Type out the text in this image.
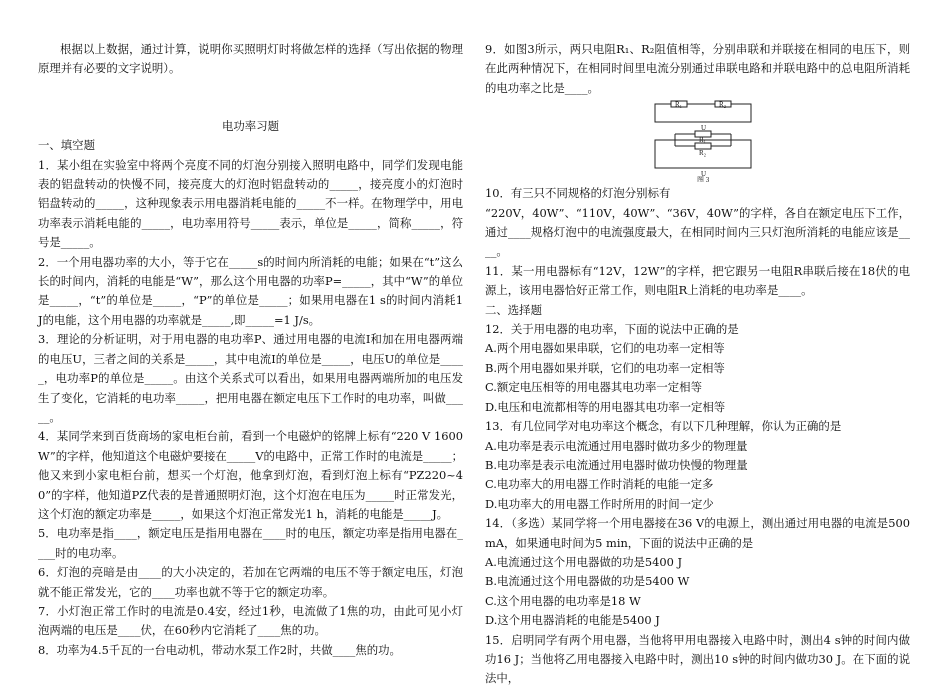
根据以上数据，通过计算，说明你买照明灯时将做怎样的选择（写出依据的物理原理并有必要的文字说明）。

电功率习题

一、填空题

1．某小组在实验室中将两个亮度不同的灯泡分别接入照明电路中，同学们发现电能表的铝盘转动的快慢不同，接亮度大的灯泡时铝盘转动的_____，接亮度小的灯泡时铝盘转动的_____，这种现象表示用电器消耗电能的_____不一样。在物理学中，用电功率表示消耗电能的_____，电功率用符号_____表示，单位是_____，简称_____，符号是_____。

2．一个用电器功率的大小，等于它在_____s的时间内所消耗的电能；如果在“t”这么长的时间内，消耗的电能是“W”，那么这个用电器的功率P=_____，其中“W”的单位是_____，“t”的单位是_____，“P”的单位是_____；如果用电器在1 s的时间内消耗1 J的电能，这个用电器的功率就是_____,即_____=1 J/s。

3．理论的分析证明，对于用电器的电功率P、通过用电器的电流I和加在用电器两端的电压U，三者之间的关系是_____，其中电流I的单位是_____，电压U的单位是_____，电功率P的单位是_____。由这个关系式可以看出，如果用电器两端所加的电压发生了变化，它消耗的电功率_____，把用电器在额定电压下工作时的电功率，叫做_____。

4．某同学来到百货商场的家电柜台前，看到一个电磁炉的铭牌上标有“220 V 1600 W”的字样，他知道这个电磁炉要接在_____V的电路中，正常工作时的电流是_____；他又来到小家电柜台前，想买一个灯泡，他拿到灯泡，看到灯泡上标有“PZ220~40”的字样，他知道PZ代表的是普通照明灯泡，这个灯泡在电压为_____时正常发光，这个灯泡的额定功率是_____，如果这个灯泡正常发光1 h，消耗的电能是_____J。

5．电功率是指____，额定电压是指用电器在____时的电压，额定功率是指用电器在____时的电功率。

6．灯泡的亮暗是由____的大小决定的，若加在它两端的电压不等于额定电压，灯泡就不能正常发光，它的____功率也就不等于它的额定功率。

7．小灯泡正常工作时的电流是0.4安，经过1秒，电流做了1焦的功，由此可见小灯泡两端的电压是____伏，在60秒内它消耗了____焦的功。

8．功率为4.5千瓦的一台电动机，带动水泵工作2时，共做____焦的功。

9．如图3所示，两只电阻R₁、R₂阻值相等，分别串联和并联接在相同的电压下，则在此两种情况下，在相同时间里电流分别通过串联电路和并联电路中的总电阻所消耗的电功率之比是____。

R₁	R₂
U
R₁
R₂
U
图 3

10．有三只不同规格的灯泡分别标有

“220V，40W”、“110V，40W”、“36V，40W”的字样，各自在额定电压下工作，通过____规格灯泡中的电流强度最大，在相同时间内三只灯泡所消耗的电能应该是____。

11．某一用电器标有“12V，12W”的字样，把它跟另一电阻R串联后接在18伏的电源上，该用电器恰好正常工作，则电阻R上消耗的电功率是____。

二、选择题

12．关于用电器的电功率，下面的说法中正确的是

A.两个用电器如果串联，它们的电功率一定相等

B.两个用电器如果并联，它们的电功率一定相等

C.额定电压相等的用电器其电功率一定相等

D.电压和电流都相等的用电器其电功率一定相等

13．有几位同学对电功率这个概念，有以下几种理解，你认为正确的是

A.电功率是表示电流通过用电器时做功多少的物理量

B.电功率是表示电流通过用电器时做功快慢的物理量

C.电功率大的用电器工作时消耗的电能一定多

D.电功率大的用电器工作时所用的时间一定少

14．（多选）某同学将一个用电器接在36 V的电源上，测出通过用电器的电流是500 mA，如果通电时间为5 min，下面的说法中正确的是

A.电流通过这个用电器做的功是5400 J

B.电流通过这个用电器做的功是5400 W

C.这个用电器的电功率是18 W

D.这个用电器消耗的电能是5400 J

15．启明同学有两个用电器，当他将甲用电器接入电路中时，测出4 s钟的时间内做功16 J；当他将乙用电器接入电路中时，测出10 s钟的时间内做功30 J。在下面的说法中，
